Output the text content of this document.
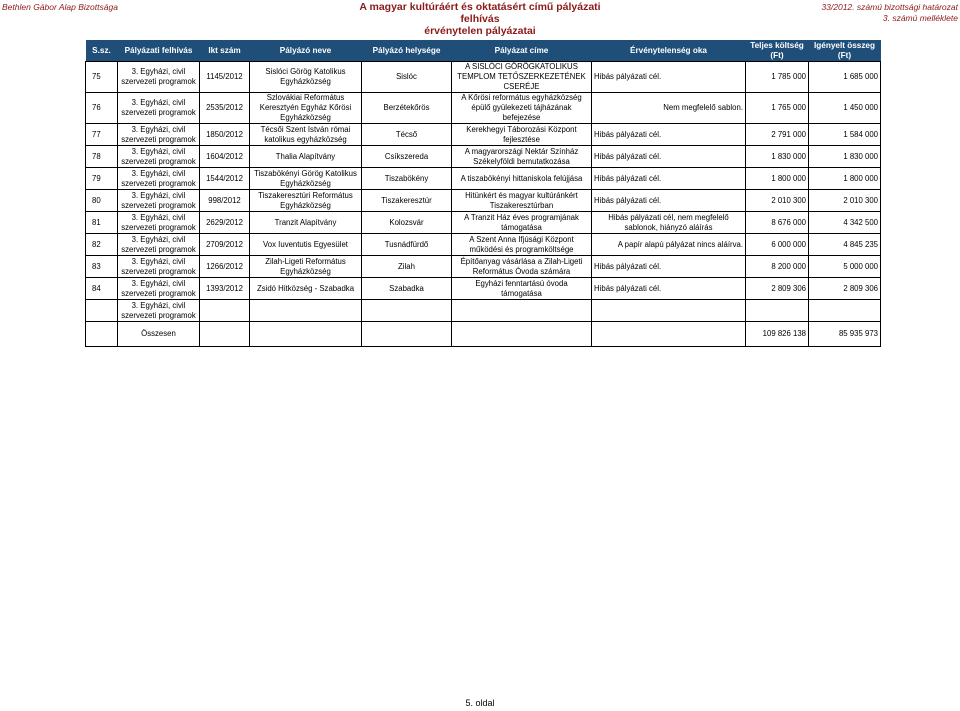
Bethlen Gábor Alap Bizottsága	A magyar kultúráért és oktatásért című pályázati felhívás
érvénytelen pályázatai
33/2012. számú bizottsági határozat
3. számú melléklete
S.sz.	Pályázati felhívás	Ikt szám	Pályázó neve	Pályázó helysége	Pályázat címe	Érvénytelenség oka	Teljes költség (Ft)	Igényelt összeg (Ft)
75	3. Egyházi, civil szervezeti programok	1145/2012	Sislóci Görög Katolikus Egyházközség	Sislóc	A SISLÓCI GÖRÖGKATOLIKUS TEMPLOM TETŐSZERKEZETÉNEK CSERÉJE	Hibás pályázati cél.	1 785 000	1 685 000
76	3. Egyházi, civil szervezeti programok	2535/2012	Szlovákiai Református Keresztyén Egyház Kőrösi Egyházközség	Berzétekőrös	A Kőrösi református egyházközség épülő gyülekezeti tájházának befejezése	Nem megfelelő sablon.	1 765 000	1 450 000
77	3. Egyházi, civil szervezeti programok	1850/2012	Técsői Szent István római katolikus egyházközség	Técső	Kerekhegyi Táborozási Központ fejlesztése	Hibás pályázati cél.	2 791 000	1 584 000
78	3. Egyházi, civil szervezeti programok	1604/2012	Thalia Alapítvány	Csíkszereda	A magyarországi Nektár Színház Székelyföldi bemutatkozása	Hibás pályázati cél.	1 830 000	1 830 000
79	3. Egyházi, civil szervezeti programok	1544/2012	Tiszabökényi Görög Katolikus Egyházközség	Tiszabökény	A tiszabökényi hittaniskola felújjása	Hibás pályázati cél.	1 800 000	1 800 000
80	3. Egyházi, civil szervezeti programok	998/2012	Tiszakeresztúri Református Egyházközség	Tiszakeresztúr	Hitünkért és magyar kultúránkért Tiszakeresztúrban	Hibás pályázati cél.	2 010 300	2 010 300
81	3. Egyházi, civil szervezeti programok	2629/2012	Tranzit Alapítvány	Kolozsvár	A Tranzit Ház éves programjának támogatása	Hibás pályázati cél, nem megfelelő sablonok, hiányzó aláírás	8 676 000	4 342 500
82	3. Egyházi, civil szervezeti programok	2709/2012	Vox Iuventutis Egyesület	Tusnádfürdő	A Szent Anna Ifjúsági Központ működési és programköltsége	A papír alapú pályázat nincs aláírva.	6 000 000	4 845 235
83	3. Egyházi, civil szervezeti programok	1266/2012	Zilah-Ligeti Református Egyházközség	Zilah	Építőanyag vásárlása a Zilah-Ligeti Református Óvoda számára	Hibás pályázati cél.	8 200 000	5 000 000
84	3. Egyházi, civil szervezeti programok	1393/2012	Zsidó Hitközség - Szabadka	Szabadka	Egyházi fenntartású óvoda támogatása	Hibás pályázati cél.	2 809 306	2 809 306
	3. Egyházi, civil szervezeti programok							
	Összesen						109 826 138	85 935 973
5. oldal
